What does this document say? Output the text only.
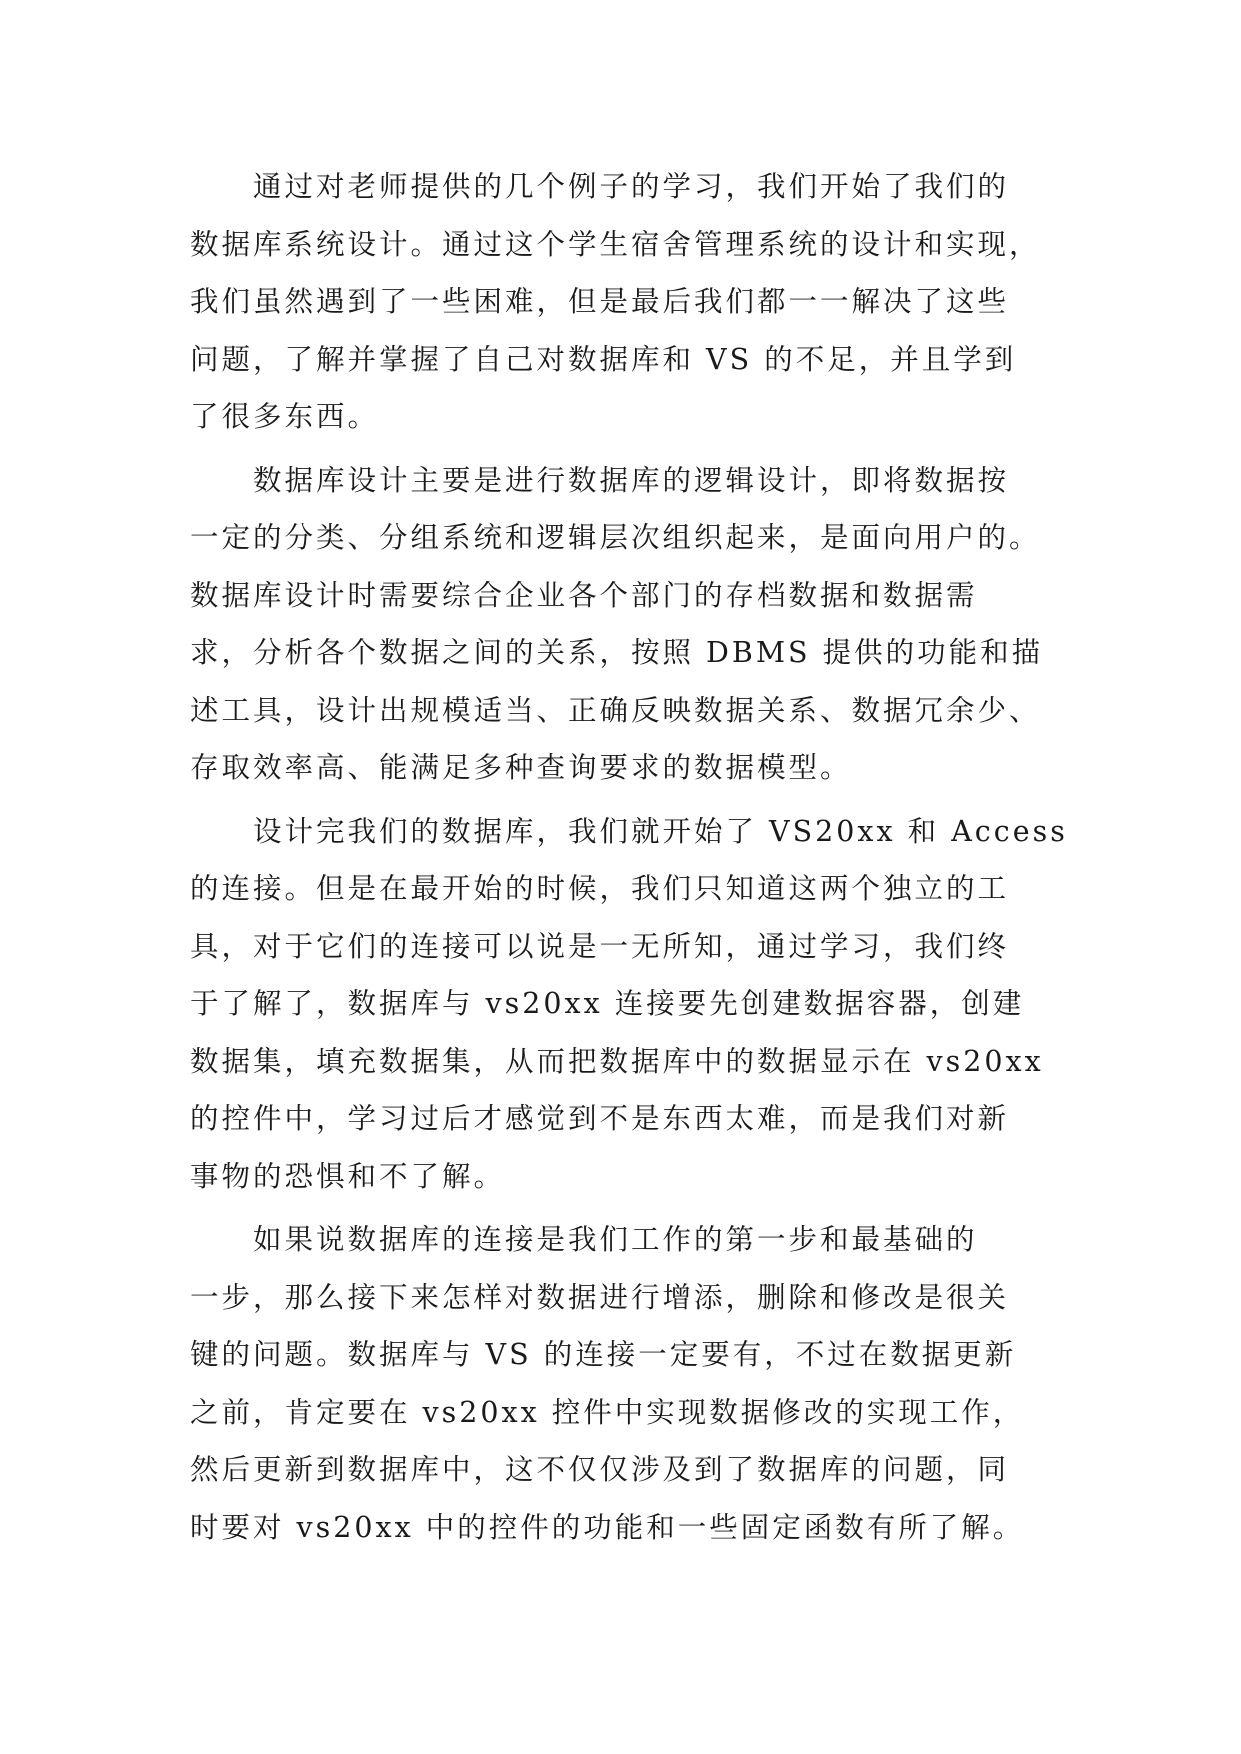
通过对老师提供的几个例子的学习，我们开始了我们的
数据库系统设计。通过这个学生宿舍管理系统的设计和实现，
我们虽然遇到了一些困难，但是最后我们都一一解决了这些
问题，了解并掌握了自己对数据库和 VS 的不足，并且学到
了很多东西。
数据库设计主要是进行数据库的逻辑设计，即将数据按
一定的分类、分组系统和逻辑层次组织起来，是面向用户的。
数据库设计时需要综合企业各个部门的存档数据和数据需
求，分析各个数据之间的关系，按照 DBMS 提供的功能和描
述工具，设计出规模适当、正确反映数据关系、数据冗余少、
存取效率高、能满足多种查询要求的数据模型。
设计完我们的数据库，我们就开始了 VS20xx 和 Access
的连接。但是在最开始的时候，我们只知道这两个独立的工
具，对于它们的连接可以说是一无所知，通过学习，我们终
于了解了，数据库与 vs20xx 连接要先创建数据容器，创建
数据集，填充数据集，从而把数据库中的数据显示在 vs20xx
的控件中，学习过后才感觉到不是东西太难，而是我们对新
事物的恐惧和不了解。
如果说数据库的连接是我们工作的第一步和最基础的
一步，那么接下来怎样对数据进行增添，删除和修改是很关
键的问题。数据库与 VS 的连接一定要有，不过在数据更新
之前，肯定要在 vs20xx 控件中实现数据修改的实现工作，
然后更新到数据库中，这不仅仅涉及到了数据库的问题，同
时要对 vs20xx 中的控件的功能和一些固定函数有所了解。
